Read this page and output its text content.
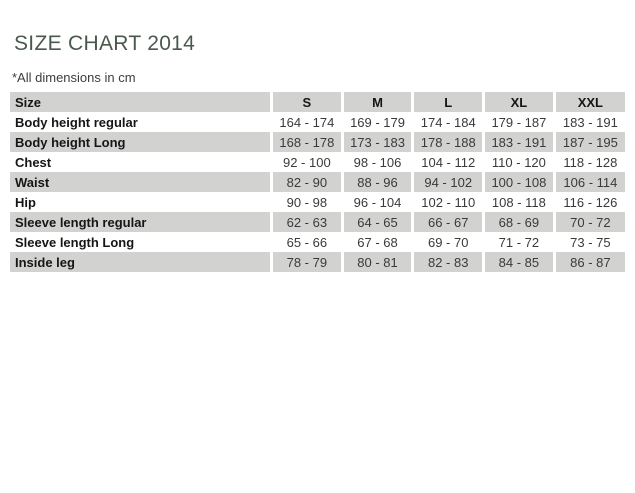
SIZE CHART 2014

*All dimensions in cm

Size	S	M	L	XL	XXL
Body height regular	164 - 174	169 - 179	174 - 184	179 - 187	183 - 191
Body height Long	168 - 178	173 - 183	178 - 188	183 - 191	187 - 195
Chest	92 - 100	98 - 106	104 - 112	110 - 120	118 - 128
Waist	82 - 90	88 - 96	94 - 102	100 - 108	106 - 114
Hip	90 - 98	96 - 104	102 - 110	108 - 118	116 - 126
Sleeve length regular	62 - 63	64 - 65	66 - 67	68 - 69	70 - 72
Sleeve length Long	65 - 66	67 - 68	69 - 70	71 - 72	73 - 75
Inside leg	78 - 79	80 - 81	82 - 83	84 - 85	86 - 87
